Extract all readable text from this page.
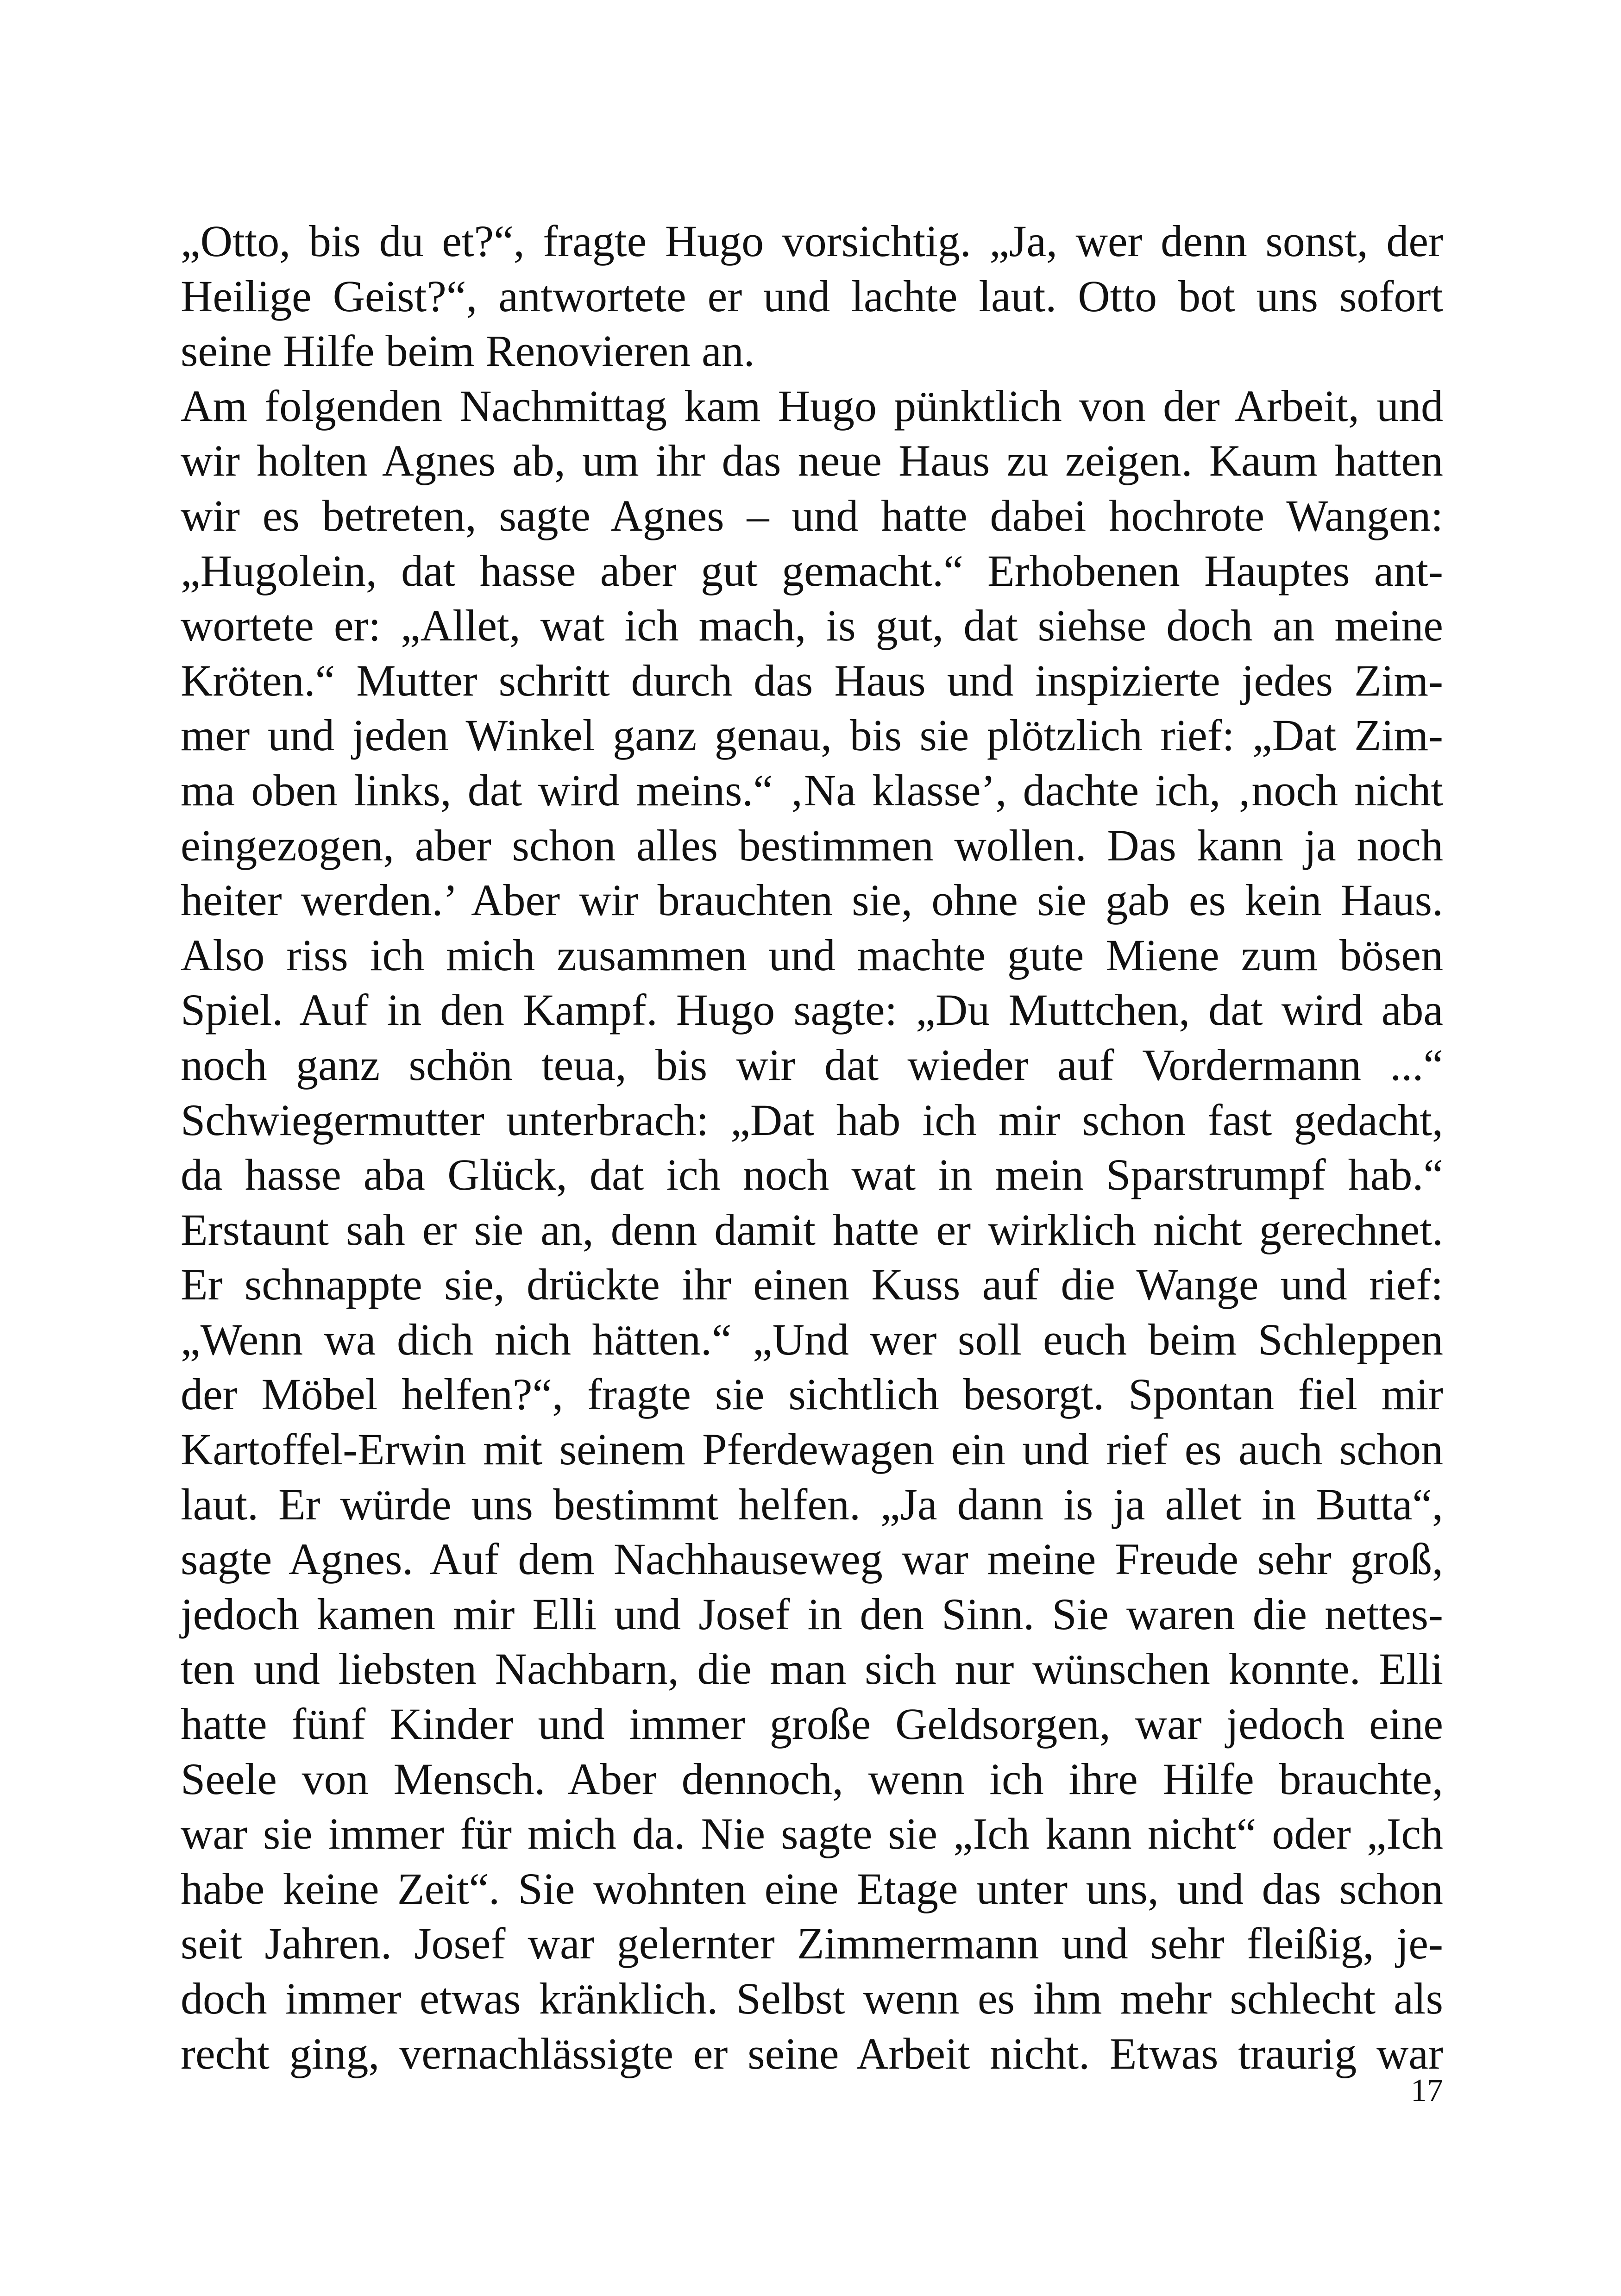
„Otto, bis du et?“, fragte Hugo vorsichtig. „Ja, wer denn sonst, der
Heilige Geist?“, antwortete er und lachte laut. Otto bot uns sofort
seine Hilfe beim Renovieren an.
Am folgenden Nachmittag kam Hugo pünktlich von der Arbeit, und
wir holten Agnes ab, um ihr das neue Haus zu zeigen. Kaum hatten
wir es betreten, sagte Agnes – und hatte dabei hochrote Wangen:
„Hugolein, dat hasse aber gut gemacht.“ Erhobenen Hauptes ant-
wortete er: „Allet, wat ich mach, is gut, dat siehse doch an meine
Kröten.“ Mutter schritt durch das Haus und inspizierte jedes Zim-
mer und jeden Winkel ganz genau, bis sie plötzlich rief: „Dat Zim-
ma oben links, dat wird meins.“ ‚Na klasse’, dachte ich, ‚noch nicht
eingezogen, aber schon alles bestimmen wollen. Das kann ja noch
heiter werden.’ Aber wir brauchten sie, ohne sie gab es kein Haus.
Also riss ich mich zusammen und machte gute Miene zum bösen
Spiel. Auf in den Kampf. Hugo sagte: „Du Muttchen, dat wird aba
noch ganz schön teua, bis wir dat wieder auf Vordermann ...“
Schwiegermutter unterbrach: „Dat hab ich mir schon fast gedacht,
da hasse aba Glück, dat ich noch wat in mein Sparstrumpf hab.“
Erstaunt sah er sie an, denn damit hatte er wirklich nicht gerechnet.
Er schnappte sie, drückte ihr einen Kuss auf die Wange und rief:
„Wenn wa dich nich hätten.“ „Und wer soll euch beim Schleppen
der Möbel helfen?“, fragte sie sichtlich besorgt. Spontan fiel mir
Kartoffel-Erwin mit seinem Pferdewagen ein und rief es auch schon
laut. Er würde uns bestimmt helfen. „Ja dann is ja allet in Butta“,
sagte Agnes. Auf dem Nachhauseweg war meine Freude sehr groß,
jedoch kamen mir Elli und Josef in den Sinn. Sie waren die nettes-
ten und liebsten Nachbarn, die man sich nur wünschen konnte. Elli
hatte fünf Kinder und immer große Geldsorgen, war jedoch eine
Seele von Mensch. Aber dennoch, wenn ich ihre Hilfe brauchte,
war sie immer für mich da. Nie sagte sie „Ich kann nicht“ oder „Ich
habe keine Zeit“. Sie wohnten eine Etage unter uns, und das schon
seit Jahren. Josef war gelernter Zimmermann und sehr fleißig, je-
doch immer etwas kränklich. Selbst wenn es ihm mehr schlecht als
recht ging, vernachlässigte er seine Arbeit nicht. Etwas traurig war
17
